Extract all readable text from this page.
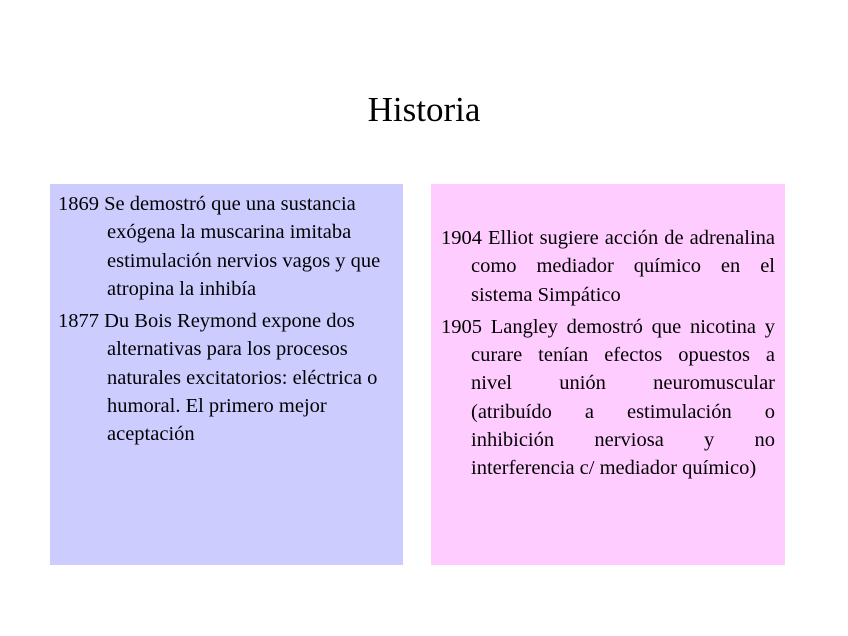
Historia

1869 Se demostró que una sustancia exógena la muscarina imitaba estimulación nervios vagos y que atropina la inhibía

1877 Du Bois Reymond expone dos alternativas para los procesos naturales excitatorios: eléctrica o humoral. El primero mejor aceptación

1904 Elliot sugiere acción de adrenalina como mediador químico en el sistema Simpático

1905 Langley demostró que nicotina y curare tenían efectos opuestos a nivel unión neuromuscular (atribuído a estimulación o inhibición nerviosa y no interferencia c/ mediador químico)
